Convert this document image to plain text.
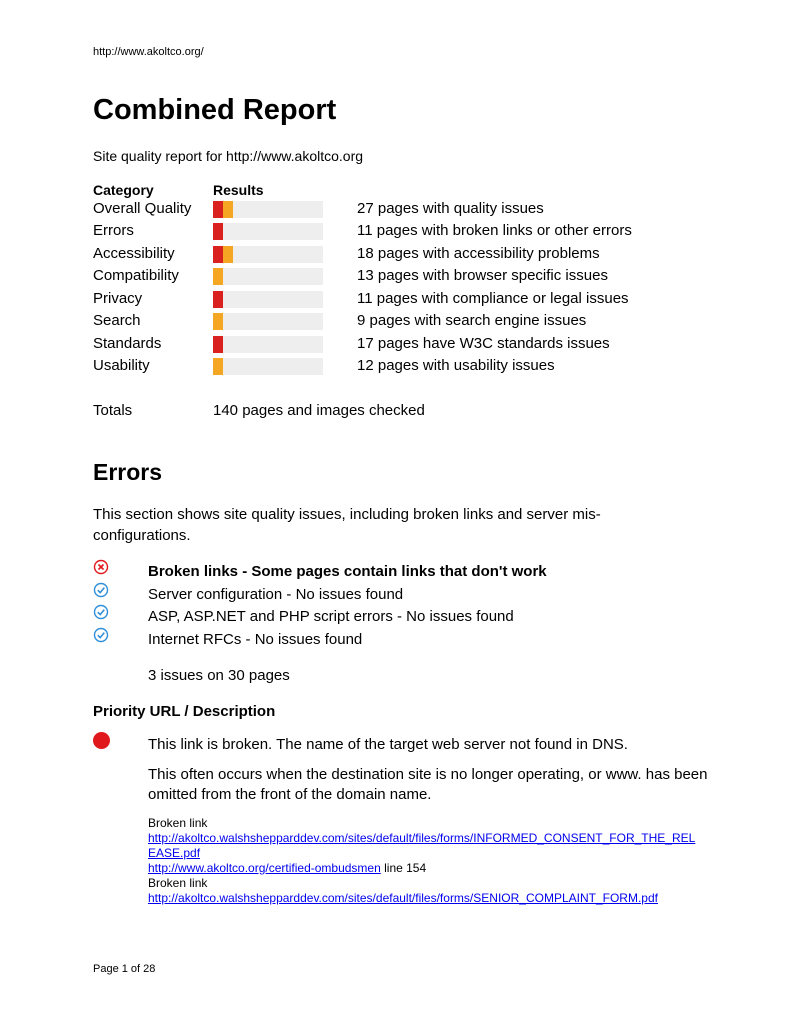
http://www.akoltco.org/
Combined Report
Site quality report for http://www.akoltco.org
Category	Results
Overall Quality	27 pages with quality issues
Errors	11 pages with broken links or other errors
Accessibility	18 pages with accessibility problems
Compatibility	13 pages with browser specific issues
Privacy	11 pages with compliance or legal issues
Search	9 pages with search engine issues
Standards	17 pages have W3C standards issues
Usability	12 pages with usability issues
Totals	140 pages and images checked
Errors
This section shows site quality issues, including broken links and server mis-configurations.
Broken links - Some pages contain links that don't work
Server configuration - No issues found
ASP, ASP.NET and PHP script errors - No issues found
Internet RFCs - No issues found
3 issues on 30 pages
Priority URL / Description
This link is broken. The name of the target web server not found in DNS.
This often occurs when the destination site is no longer operating, or www. has been omitted from the front of the domain name.
Broken link
http://akoltco.walshshepparddev.com/sites/default/files/forms/INFORMED_CONSENT_FOR_THE_RELEASE.pdf
http://www.akoltco.org/certified-ombudsmen line 154
Broken link
http://akoltco.walshshepparddev.com/sites/default/files/forms/SENIOR_COMPLAINT_FORM.pdf
Page 1 of 28
